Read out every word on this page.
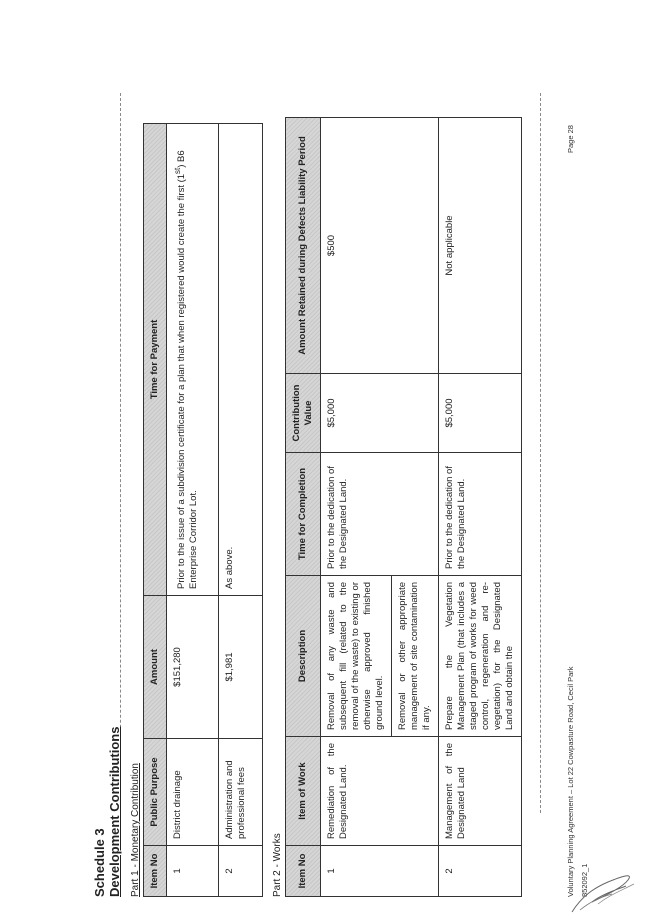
Schedule 3 Development Contributions Part 1 - Monetary Contribution Item No	Public Purpose	Amount	Time for Payment
1	District drainage	$151,280	Prior to the issue of a subdivision certificate for a plan that when registered would create the first (1st) B6 Enterprise Corridor Lot.
2	Administration and professional fees	$1,981	As above.
Part 2 - Works Item No	Item of Work	Description	Time for Completion	Contribution Value	Amount Retained during Defects Liability Period
1	Remediation of the Designated Land.	Removal of any waste and subsequent fill (related to the removal of the waste) to existing or otherwise approved finished ground level.	Prior to the dedication of the Designated Land.	$5,000	$500
		Removal or other appropriate management of site contamination if any.			
2	Management of the Designated Land	Prepare the Vegetation Management Plan (that includes a staged program of works for weed control, regeneration and re-vegetation) for the Designated Land and obtain the	Prior to the dedication of the Designated Land.	$5,000	Not applicable
Voluntary Planning Agreement – Lot 22 Cowpasture Road, Cecil Park 852092_1
Page 28
